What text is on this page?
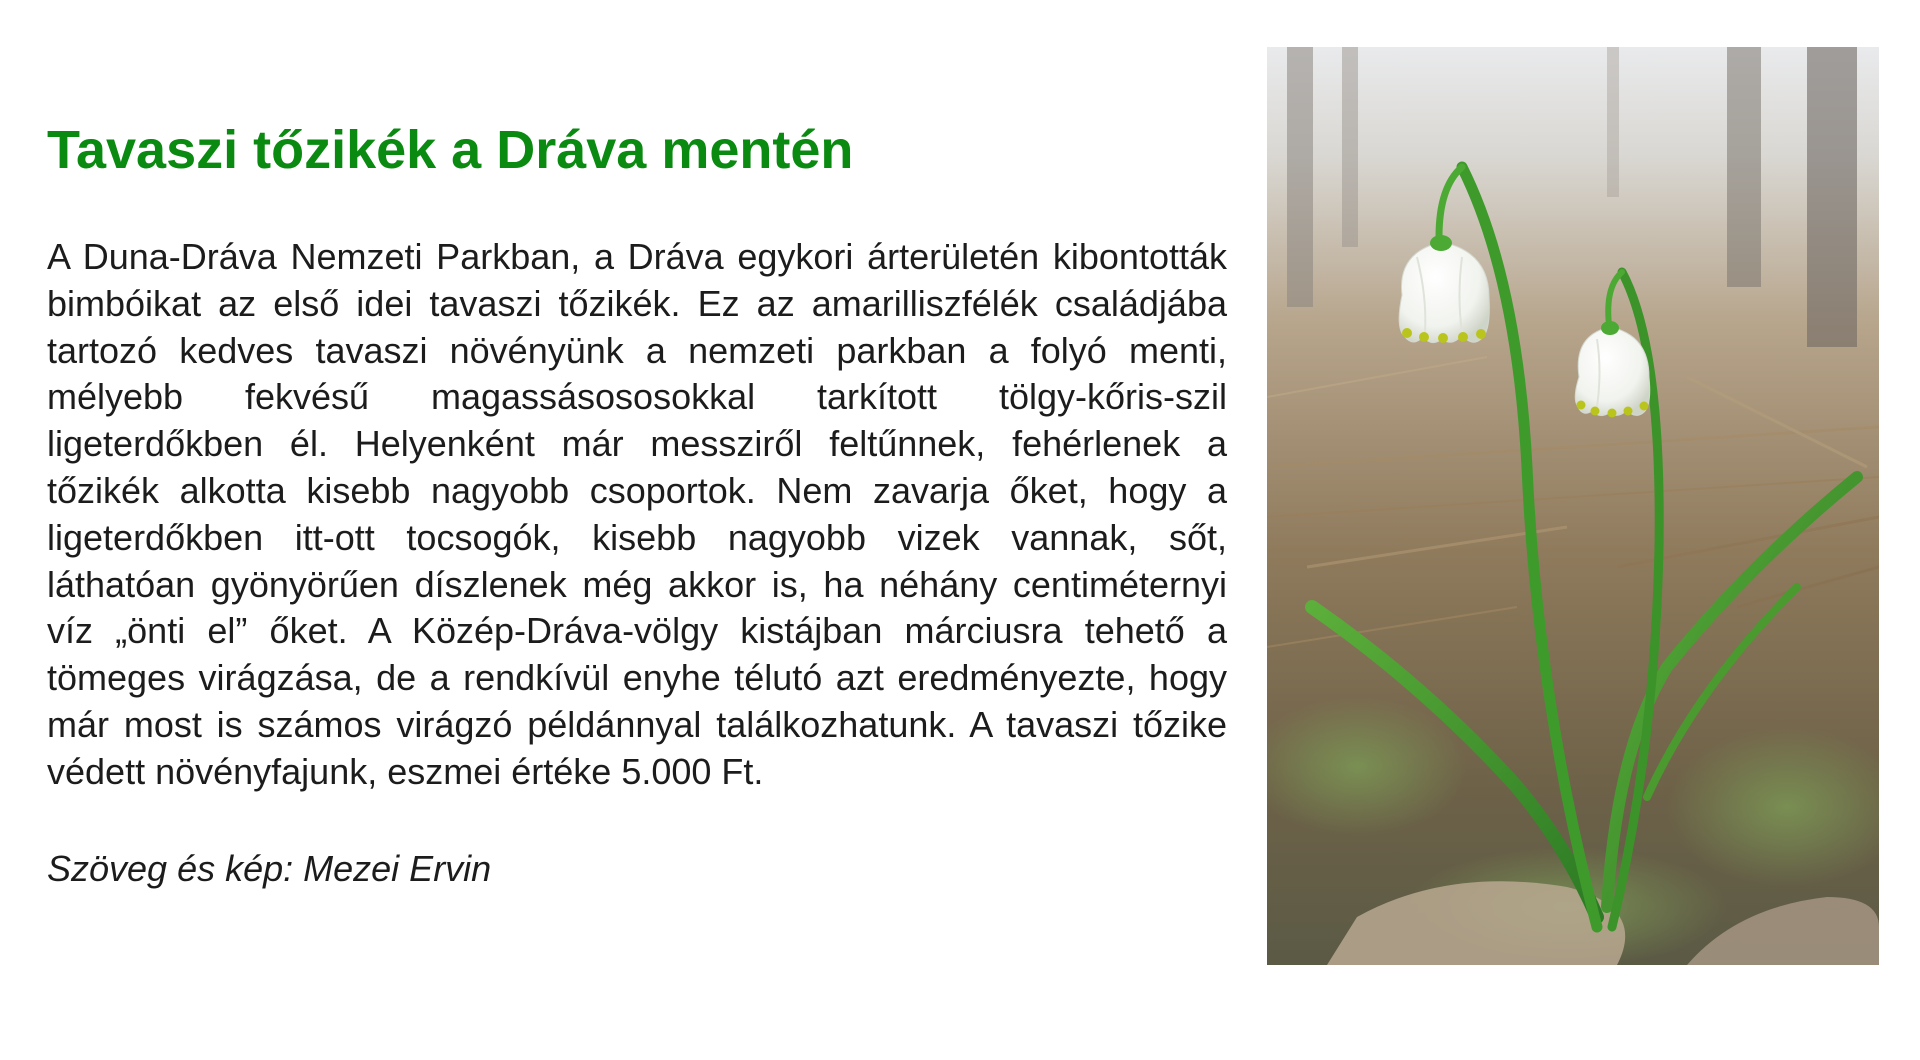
Tavaszi tőzikék a Dráva mentén

A Duna-Dráva Nemzeti Parkban, a Dráva egykori árterületén kibontották bimbóikat az első idei tavaszi tőzikék. Ez az amarilliszfélék családjába tartozó kedves tavaszi növényünk a nemzeti parkban a folyó menti, mélyebb fekvésű magassásososokkal tarkított tölgy-kőris-szil ligeterdőkben él. Helyenként már messziről feltűnnek, fehérlenek a tőzikék alkotta kisebb nagyobb csoportok. Nem zavarja őket, hogy a ligeterdőkben itt-ott tocsogók, kisebb nagyobb vizek vannak, sőt, láthatóan gyönyörűen díszlenek még akkor is, ha néhány centiméternyi víz „önti el” őket. A Közép-Dráva-völgy kistájban márciusra tehető a tömeges virágzása, de a rendkívül enyhe télutó azt eredményezte, hogy már most is számos virágzó példánnyal találkozhatunk. A tavaszi tőzike védett növényfajunk, eszmei értéke 5.000 Ft.

Szöveg és kép: Mezei Ervin
